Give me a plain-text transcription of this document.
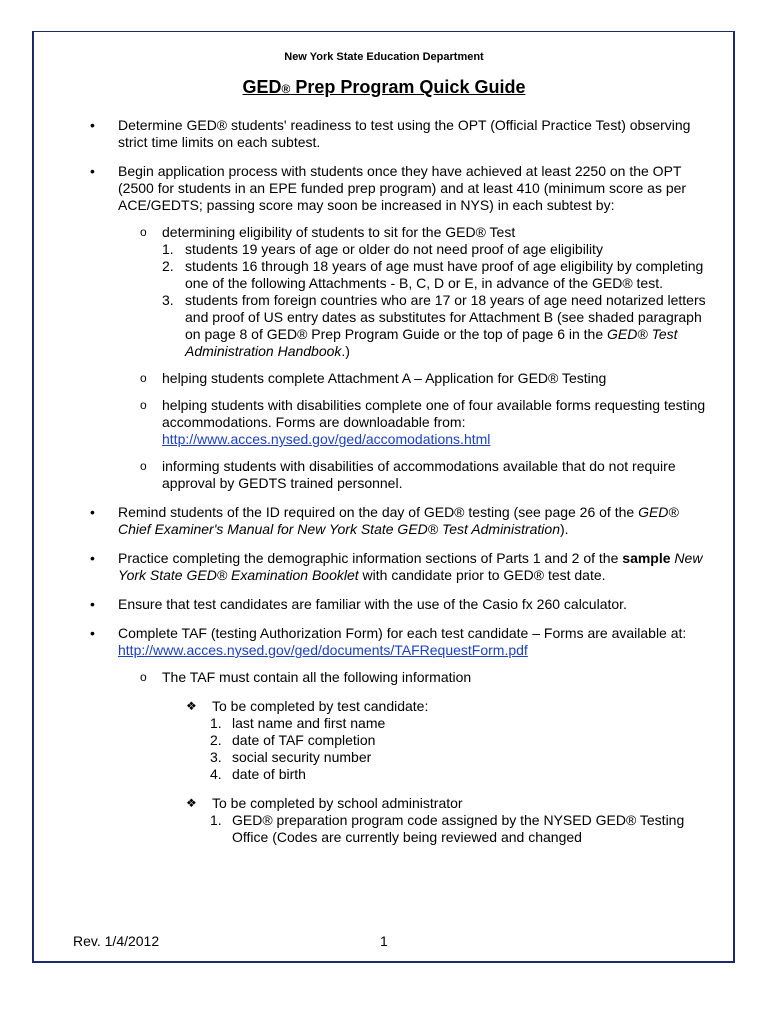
New York State Education Department
GED® Prep Program Quick Guide
• Determine GED® students' readiness to test using the OPT (Official Practice Test) observing strict time limits on each subtest.
• Begin application process with students once they have achieved at least 2250 on the OPT (2500 for students in an EPE funded prep program) and at least 410 (minimum score as per ACE/GEDTS; passing score may soon be increased in NYS) in each subtest by:
o determining eligibility of students to sit for the GED® Test
1. students 19 years of age or older do not need proof of age eligibility
2. students 16 through 18 years of age must have proof of age eligibility by completing one of the following Attachments - B, C, D or E, in advance of the GED® test.
3. students from foreign countries who are 17 or 18 years of age need notarized letters and proof of US entry dates as substitutes for Attachment B (see shaded paragraph on page 8 of GED® Prep Program Guide or the top of page 6 in the GED® Test Administration Handbook.)
o helping students complete Attachment A – Application for GED® Testing
o helping students with disabilities complete one of four available forms requesting testing accommodations. Forms are downloadable from:
http://www.acces.nysed.gov/ged/accomodations.html
o informing students with disabilities of accommodations available that do not require approval by GEDTS trained personnel.
• Remind students of the ID required on the day of GED® testing (see page 26 of the GED® Chief Examiner's Manual for New York State GED® Test Administration).
• Practice completing the demographic information sections of Parts 1 and 2 of the sample New York State GED® Examination Booklet with candidate prior to GED® test date.
• Ensure that test candidates are familiar with the use of the Casio fx 260 calculator.
• Complete TAF (testing Authorization Form) for each test candidate – Forms are available at: http://www.acces.nysed.gov/ged/documents/TAFRequestForm.pdf
o The TAF must contain all the following information
❖ To be completed by test candidate:
1. last name and first name
2. date of TAF completion
3. social security number
4. date of birth
❖ To be completed by school administrator
1. GED® preparation program code assigned by the NYSED GED® Testing Office (Codes are currently being reviewed and changed
Rev. 1/4/2012	1
